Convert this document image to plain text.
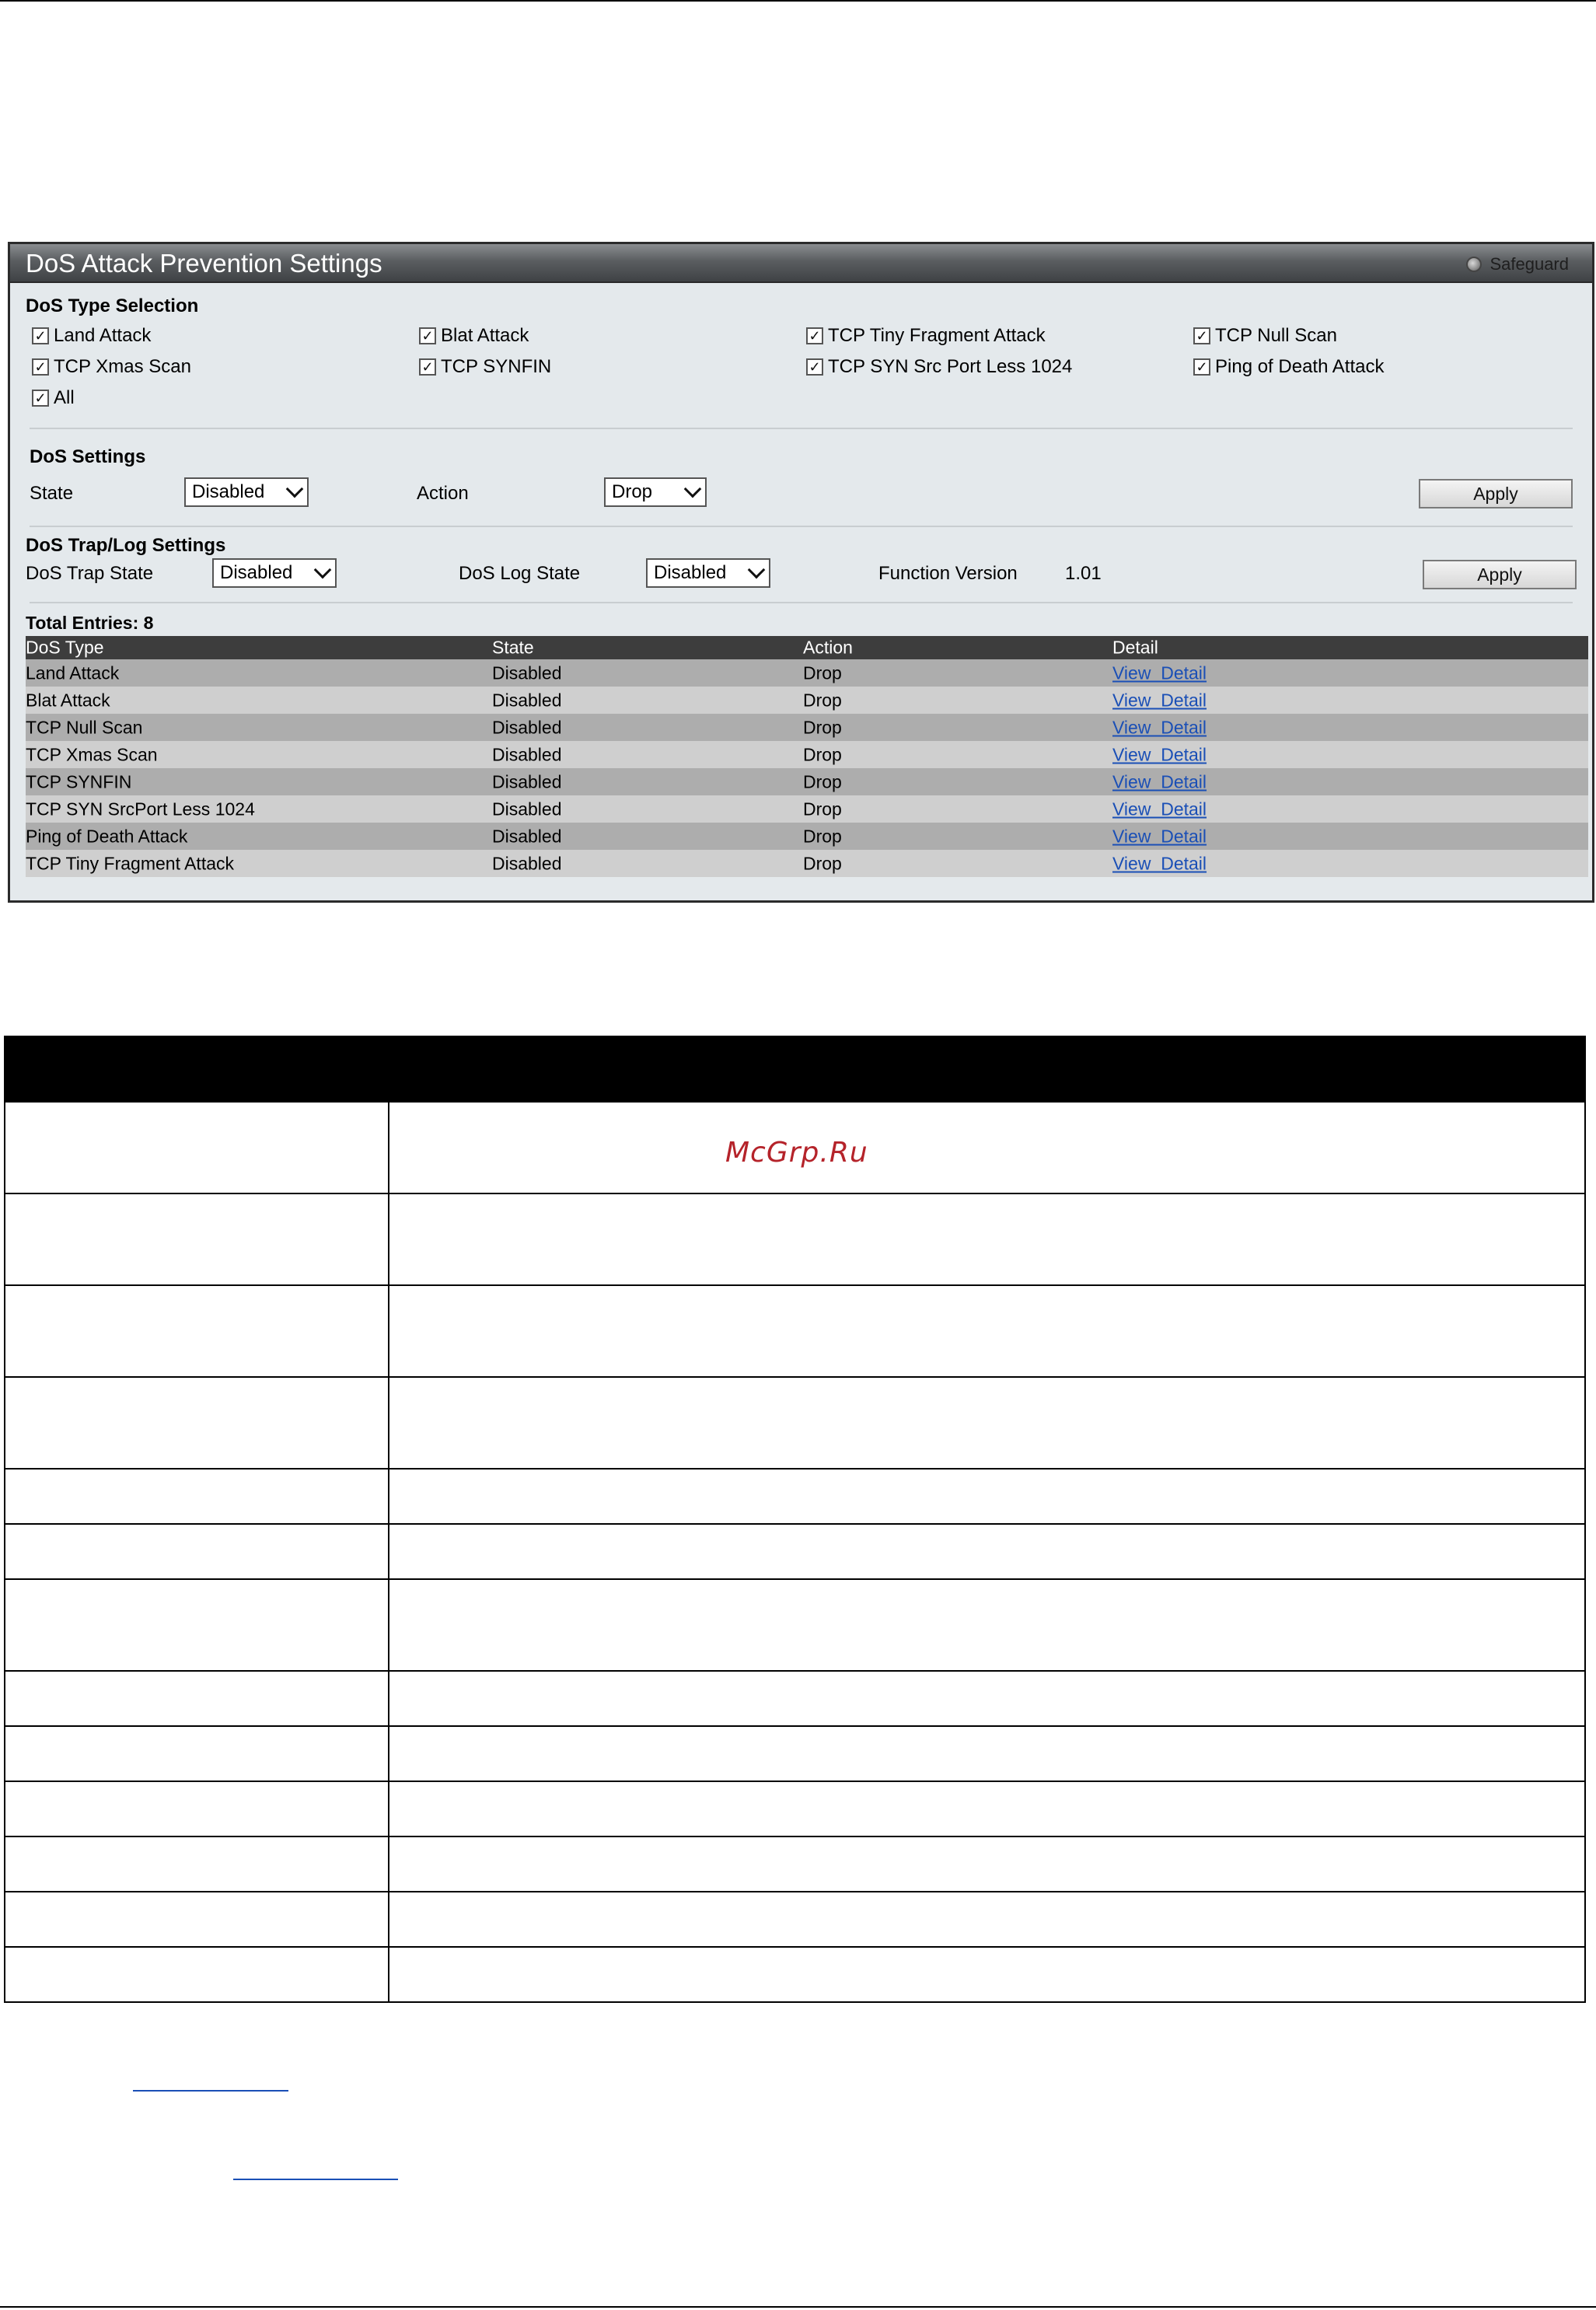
DoS Attack Prevention Settings	Safeguard
DoS Type Selection
✓ Land Attack	✓ Blat Attack	✓ TCP Tiny Fragment Attack	✓ TCP Null Scan
✓ TCP Xmas Scan	✓ TCP SYNFIN	✓ TCP SYN Src Port Less 1024	✓ Ping of Death Attack
✓ All
DoS Settings
State	Disabled	Action	Drop	Apply
DoS Trap/Log Settings
DoS Trap State	Disabled	DoS Log State	Disabled	Function Version	1.01	Apply
Total Entries: 8
DoS Type	State	Action	Detail
Land Attack	Disabled	Drop	View  Detail
Blat Attack	Disabled	Drop	View  Detail
TCP Null Scan	Disabled	Drop	View  Detail
TCP Xmas Scan	Disabled	Drop	View  Detail
TCP SYNFIN	Disabled	Drop	View  Detail
TCP SYN SrcPort Less 1024	Disabled	Drop	View  Detail
Ping of Death Attack	Disabled	Drop	View  Detail
TCP Tiny Fragment Attack	Disabled	Drop	View  Detail

McGrp.Ru
